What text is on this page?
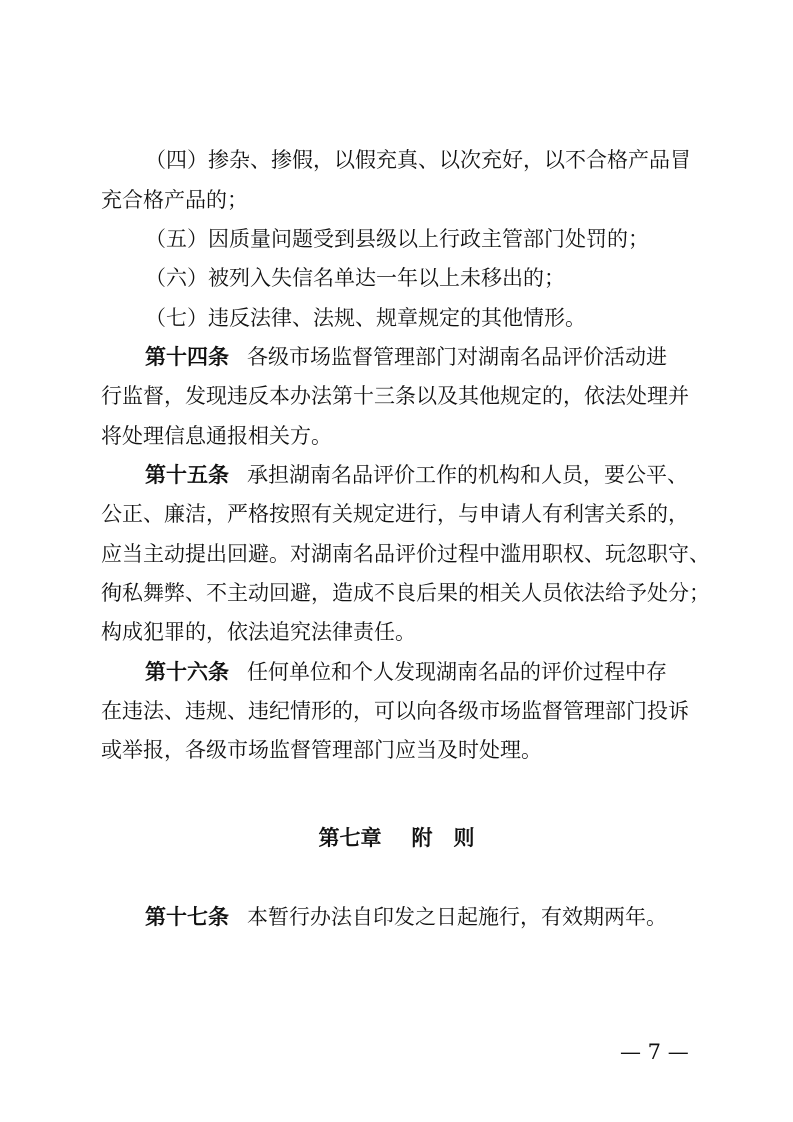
（四）掺杂、掺假，以假充真、以次充好，以不合格产品冒
充合格产品的；
（五）因质量问题受到县级以上行政主管部门处罚的；
（六）被列入失信名单达一年以上未移出的；
（七）违反法律、法规、规章规定的其他情形。
第十四条 各级市场监督管理部门对湖南名品评价活动进
行监督，发现违反本办法第十三条以及其他规定的，依法处理并
将处理信息通报相关方。
第十五条 承担湖南名品评价工作的机构和人员，要公平、
公正、廉洁，严格按照有关规定进行，与申请人有利害关系的，
应当主动提出回避。对湖南名品评价过程中滥用职权、玩忽职守、
徇私舞弊、不主动回避，造成不良后果的相关人员依法给予处分；
构成犯罪的，依法追究法律责任。
第十六条 任何单位和个人发现湖南名品的评价过程中存
在违法、违规、违纪情形的，可以向各级市场监督管理部门投诉
或举报，各级市场监督管理部门应当及时处理。
第七章 附　则
第十七条 本暂行办法自印发之日起施行，有效期两年。
— 7 —
